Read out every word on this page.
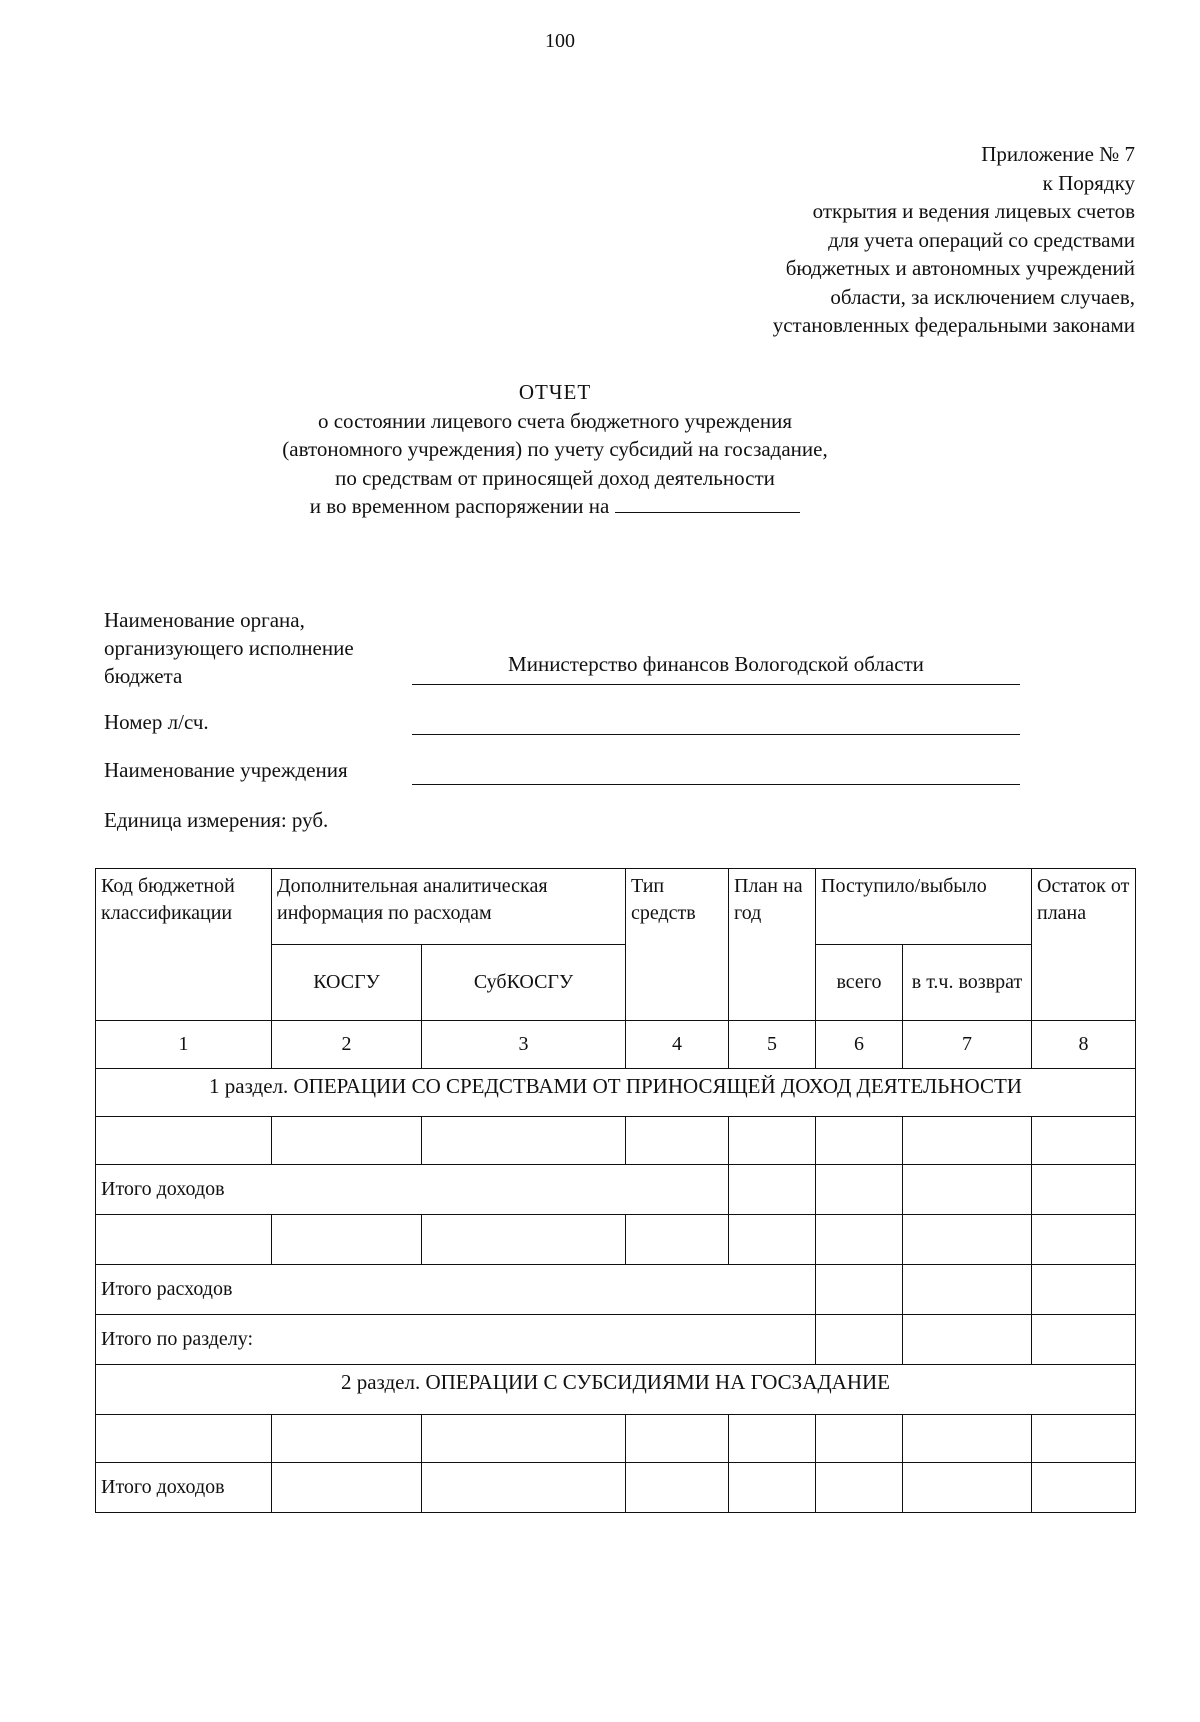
100
Приложение № 7
к Порядку
открытия и ведения лицевых счетов
для учета операций со средствами
бюджетных и автономных учреждений
области, за исключением случаев,
установленных федеральными законами
ОТЧЕТ
о состоянии лицевого счета бюджетного учреждения
(автономного учреждения) по учету субсидий на госзадание,
по средствам от приносящей доход деятельности
и во временном распоряжении на
Наименование органа,
организующего исполнение
бюджета	Министерство финансов Вологодской области
Номер л/сч.
Наименование учреждения
Единица измерения: руб.
Код бюджетной классификации	Дополнительная аналитическая информация по расходам		Тип средств	План на год	Поступило/выбыло		Остаток от плана
	КОСГУ	СубКОСГУ			всего	в т.ч. возврат	
1	2	3	4	5	6	7	8
1 раздел. ОПЕРАЦИИ СО СРЕДСТВАМИ ОТ ПРИНОСЯЩЕЙ ДОХОД ДЕЯТЕЛЬНОСТИ							

Итого доходов							

Итого расходов							
Итого по разделу:							
2 раздел. ОПЕРАЦИИ С СУБСИДИЯМИ НА ГОСЗАДАНИЕ							

Итого доходов							
